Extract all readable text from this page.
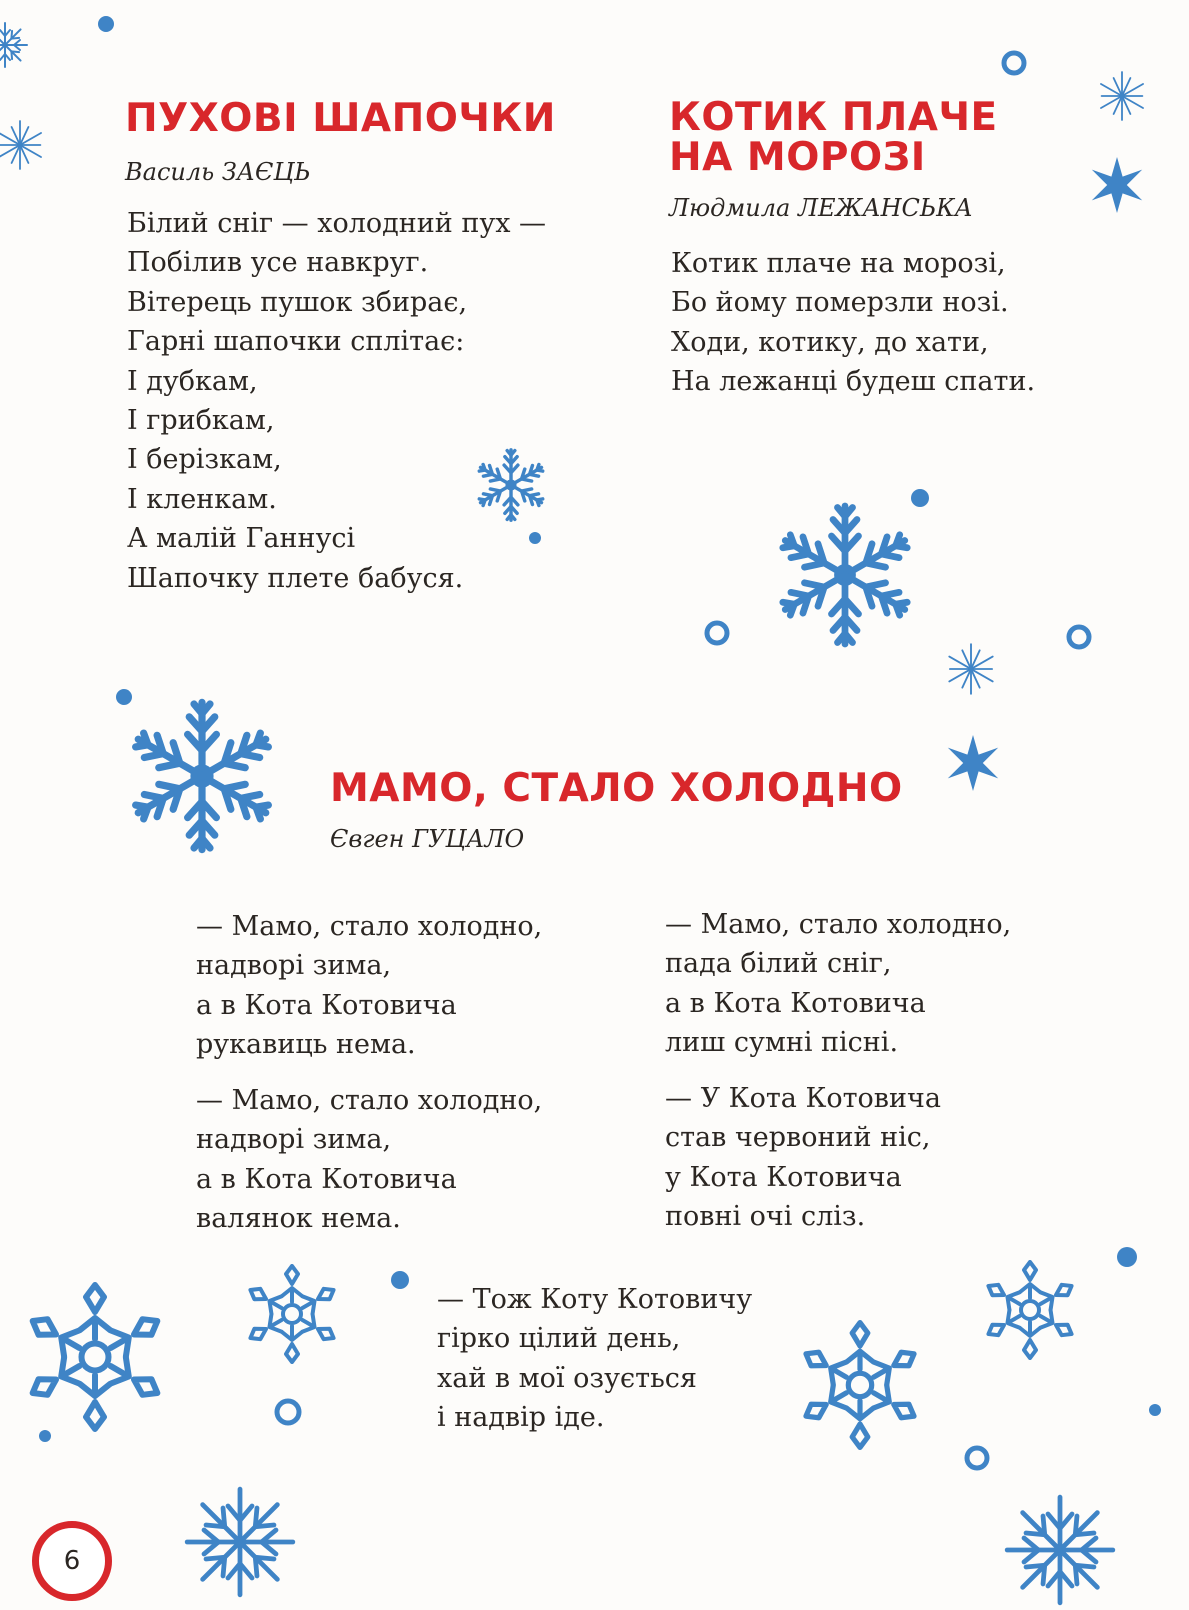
ПУХОВІ ШАПОЧКИ

Василь ЗАЄЦЬ

Білий сніг — холодний пух —
Побілив усе навкруг.
Вітерець пушок збирає,
Гарні шапочки сплітає:
І дубкам,
І грибкам,
І берізкам,
І кленкам.
А малій Ганнусі
Шапочку плете бабуся.
КОТИК ПЛАЧЕ
НА МОРОЗІ

Людмила ЛЕЖАНСЬКА

Котик плаче на морозі,
Бо йому померзли нозі.
Ходи, котику, до хати,
На лежанці будеш спати.
МАМО, СТАЛО ХОЛОДНО

Євген ГУЦАЛО

— Мамо, стало холодно,
надворі зима,
а в Кота Котовича
рукавиць нема.
— Мамо, стало холодно,
надворі зима,
а в Кота Котовича
валянок нема.
— Мамо, стало холодно,
пада білий сніг,
а в Кота Котовича
лиш сумні пісні.
— У Кота Котовича
став червоний ніс,
у Кота Котовича
повні очі сліз.
— Тож Коту Котовичу
гірко цілий день,
хай в мої озується
і надвір іде.
6
